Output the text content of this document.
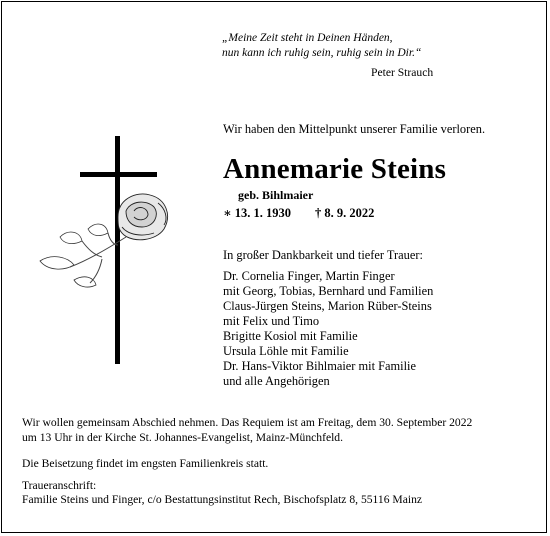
„Meine Zeit steht in Deinen Händen,
nun kann ich ruhig sein, ruhig sein in Dir.“
Peter Strauch
Wir haben den Mittelpunkt unserer Familie verloren.
Annemarie Steins
geb. Bihlmaier
∗ 13. 1. 1930 † 8. 9. 2022
In großer Dankbarkeit und tiefer Trauer:
Dr. Cornelia Finger, Martin Finger
mit Georg, Tobias, Bernhard und Familien
Claus-Jürgen Steins, Marion Rüber-Steins
mit Felix und Timo
Brigitte Kosiol mit Familie
Ursula Löhle mit Familie
Dr. Hans-Viktor Bihlmaier mit Familie
und alle Angehörigen
Wir wollen gemeinsam Abschied nehmen. Das Requiem ist am Freitag, dem 30. September 2022
um 13 Uhr in der Kirche St. Johannes-Evangelist, Mainz-Münchfeld.
Die Beisetzung findet im engsten Familienkreis statt.
Traueranschrift:
Familie Steins und Finger, c/o Bestattungsinstitut Rech, Bischofsplatz 8, 55116 Mainz
